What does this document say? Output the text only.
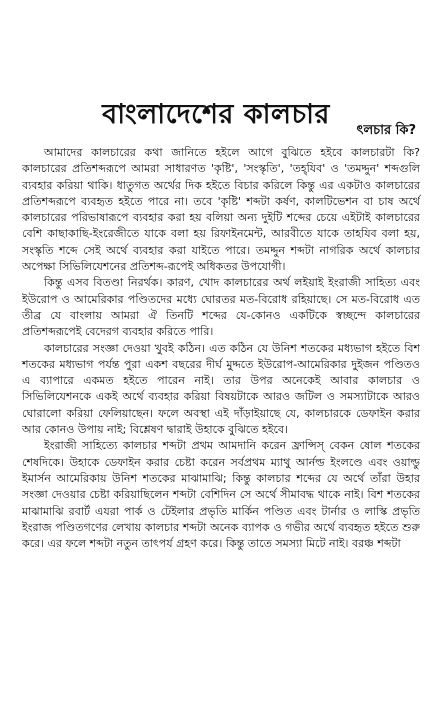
বাংলাদেশের কালচার
ৎলচার কি?

আমাদের কালচারের কথা জানিতে হইলে আগে বুঝিতে হইবে কালচারটা কি? কালচারের প্রতিশব্দরূপে আমরা সাধারণত 'কৃষ্টি', 'সংস্কৃতি', 'তহ্‌যিব' ও 'তমদ্দুন' শব্দগুলি ব্যবহার করিয়া থাকি। ধাতুগত অর্থের দিক হইতে বিচার করিলে কিন্তু এর একটাও কালচারের প্রতিশব্দরূপে ব্যবহৃত হইতে পারে না। তবে 'কৃষ্টি' শব্দটা কর্ষণ, কালটিভেশন বা চাষ অর্থে কালচারের পরিভাষারূপে ব্যবহার করা হয় বলিয়া অন্য দুইটি শব্দের চেয়ে এইটাই কালচারের বেশি কাছাকাছি-ইংরেজীতে যাকে বলা হয় রিফাইনমেন্ট, আরবীতে যাকে তাহযিব বলা হয়, সংস্কৃতি শব্দে সেই অর্থে ব্যবহার করা যাইতে পারে। তমদ্দুন শব্দটা নাগরিক অর্থে কালচার অপেক্ষা সিভিলিযেশনের প্রতিশব্দ-রূপেই অধিকতর উপযোগী।

কিন্তু এসব বিতণ্ডা নিরর্থক। কারণ, খোদ কালচারের অর্থ লইয়াই ইংরাজী সাহিত্য এবং ইউরোপ ও আমেরিকার পণ্ডিতদের মধ্যে ঘোরতর মত-বিরোধ রহিয়াছে। সে মত-বিরোধ এত তীব্র যে বাংলায় আমরা ঐ তিনটি শব্দের যে-কোনও একটিকে স্বচ্ছন্দে কালচারের প্রতিশব্দরূপেই বেদেরগ ব্যবহার করিতে পারি।

কালচারের সংজ্ঞা দেওয়া খুবই কঠিন। এত কঠিন যে উনিশ শতকের মধ্যভাগ হইতে বিশ শতকের মধ্যভাগ পর্যন্ত পুরা একশ বছরের দীর্ঘ মুদ্দতে ইউরোপ-আমেরিকার দুইজন পণ্ডিতও এ ব্যাপারে একমত হইতে পারেন নাই। তার উপর অনেকেই আবার কালচার ও সিভিলিযেশনকে একই অর্থে ব্যবহার করিয়া বিষয়টাকে আরও জটিল ও সমস্যাটাকে আরও ঘোরালো করিয়া ফেলিয়াছেন। ফলে অবস্থা এই দাঁড়াইয়াছে যে, কালচারকে ডেফাইন করার আর কোনও উপায় নাই; বিশ্লেষণ দ্বারাই উহাকে বুঝিতে হইবে।

ইংরাজী সাহিত্যে কালচার শব্দটা প্রথম আমদানি করেন ফ্রান্সিস্‌ বেকন ষোল শতকের শেষদিকে। উহাকে ডেফাইন করার চেষ্টা করেন সর্বপ্রথম ম্যাথু আর্নল্ড ইংলণ্ডে এবং ওয়াল্ডু ইমার্সন আমেরিকায় উনিশ শতকের মাঝামাঝি; কিন্তু কালচার শব্দের যে অর্থে তাঁরা উহার সংজ্ঞা দেওয়ার চেষ্টা করিয়াছিলেন শব্দটা বেশিদিন সে অর্থে সীমাবদ্ধ থাকে নাই। বিশ শতকের মাঝামাঝি রবার্ট এযরা পার্ক ও টেইলার প্রভৃতি মার্কিন পণ্ডিত এবং টার্নার ও লাস্কি প্রভৃতি ইংরাজ পণ্ডিতগণের লেখায় কালচার শব্দটা অনেক ব্যাপক ও গভীর অর্থে ব্যবহৃত হইতে শুরু করে। এর ফলে শব্দটা নতুন তাৎপর্য গ্রহণ করে। কিন্তু তাতে সমস্যা মিটে নাই। বরঞ্চ শব্দটা
